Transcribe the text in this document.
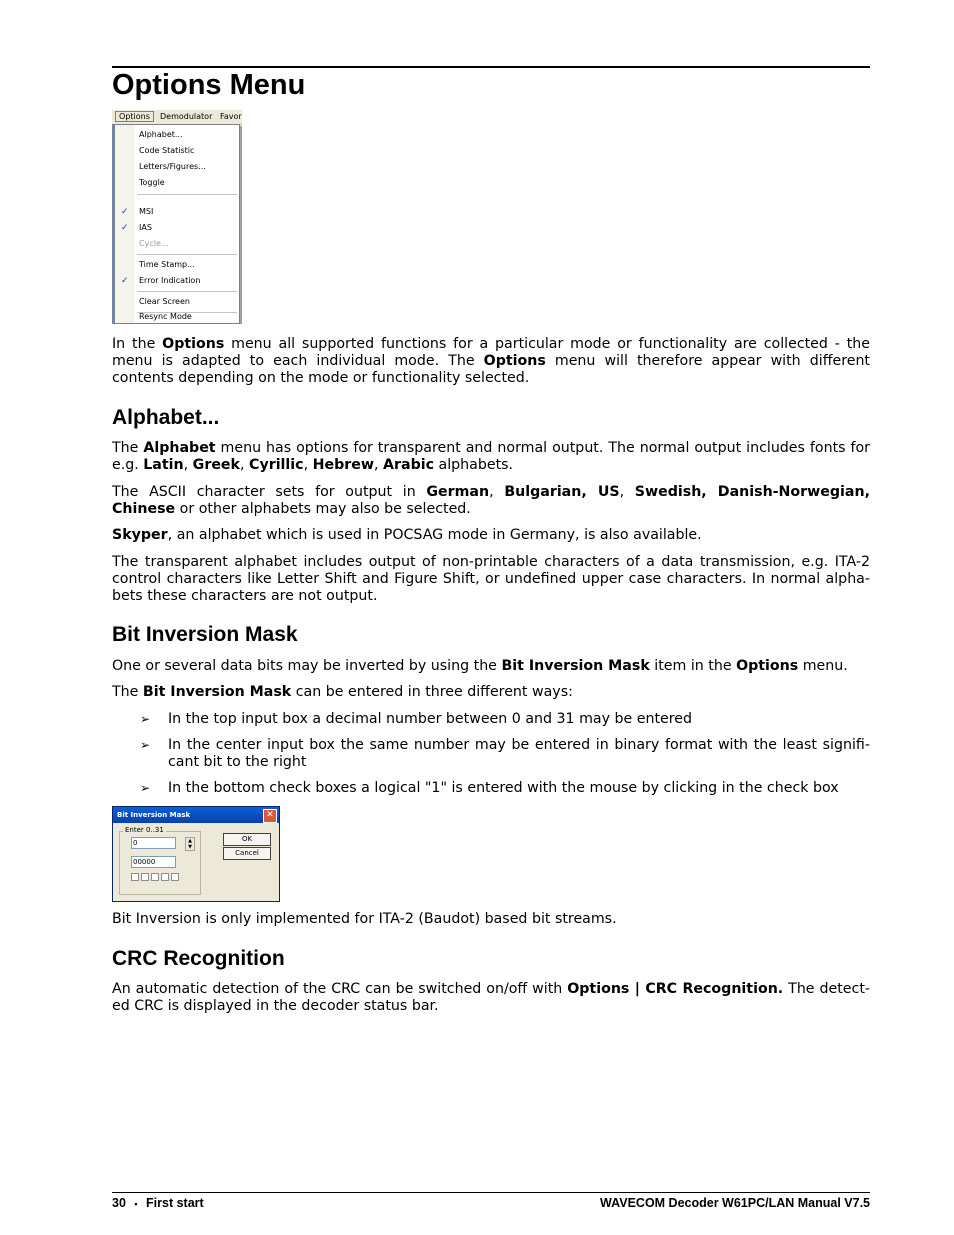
Options Menu
Options	Demodulator Favor
Alphabet...
Code Statistic
Letters/Figures...
Toggle
✓ MSI
✓ IAS
Cycle...
Time Stamp...
✓ Error Indication
Clear Screen
Resync Mode

In the Options menu all supported functions for a particular mode or functionality are collected - the menu is adapted to each individual mode. The Options menu will therefore appear with different contents depending on the mode or functionality selected.

Alphabet...

The Alphabet menu has options for transparent and normal output. The normal output includes fonts for e.g. Latin, Greek, Cyrillic, Hebrew, Arabic alphabets.

The ASCII character sets for output in German, Bulgarian, US, Swedish, Danish-Norwegian, Chinese or other alphabets may also be selected.

Skyper, an alphabet which is used in POCSAG mode in Germany, is also available.

The transparent alphabet includes output of non-printable characters of a data transmission, e.g. ITA-2 control characters like Letter Shift and Figure Shift, or undefined upper case characters. In normal alpha-bets these characters are not output.

Bit Inversion Mask

One or several data bits may be inverted by using the Bit Inversion Mask item in the Options menu.

The Bit Inversion Mask can be entered in three different ways:

➢ In the top input box a decimal number between 0 and 31 may be entered
➢ In the center input box the same number may be entered in binary format with the least signifi-cant bit to the right
➢ In the bottom check boxes a logical "1" is entered with the mouse by clicking in the check box
Bit Inversion Mask	✕
Enter 0..31
0	▲
▼
00000
OK
Cancel

Bit Inversion is only implemented for ITA-2 (Baudot) based bit streams.

CRC Recognition

An automatic detection of the CRC can be switched on/off with Options | CRC Recognition. The detect-ed CRC is displayed in the decoder status bar.

30 • First start	WAVECOM Decoder W61PC/LAN Manual V7.5
